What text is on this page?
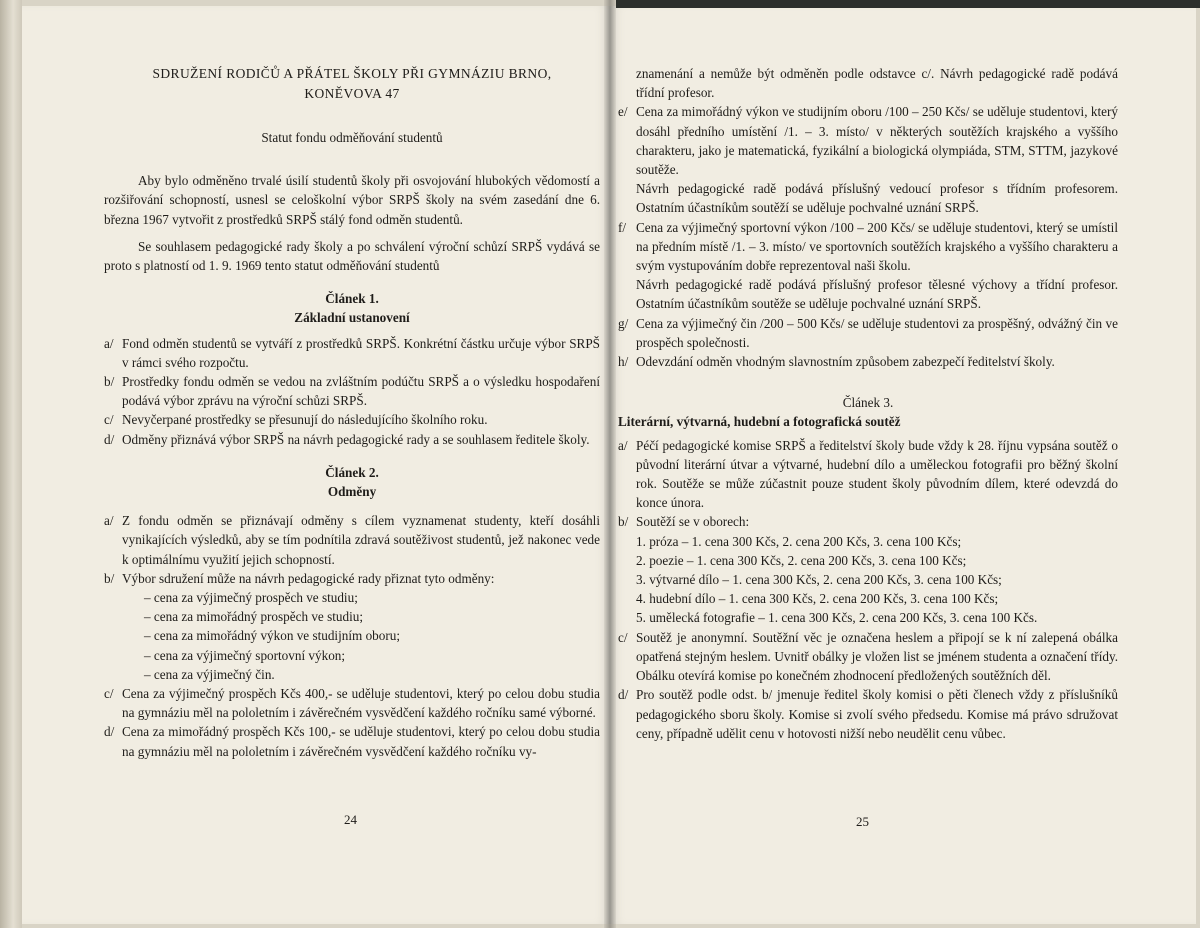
SDRUŽENÍ RODIČŮ A PŘÁTEL ŠKOLY PŘI GYMNÁZIU BRNO,

KONĚVOVA 47

Statut fondu odměňování studentů

Aby bylo odměněno trvalé úsilí studentů školy při osvojování hlubokých vědomostí a rozšiřování schopností, usnesl se celoškolní výbor SRPŠ školy na svém zasedání dne 6. března 1967 vytvořit z prostředků SRPŠ stálý fond odměn studentů.

Se souhlasem pedagogické rady školy a po schválení výroční schůzí SRPŠ vydává se proto s platností od 1. 9. 1969 tento statut odměňování studentů

Článek 1.

Základní ustanovení

a/ Fond odměn studentů se vytváří z prostředků SRPŠ. Konkrétní částku určuje výbor SRPŠ v rámci svého rozpočtu.
b/ Prostředky fondu odměn se vedou na zvláštním podúčtu SRPŠ a o výsledku hospodaření podává výbor zprávu na výroční schůzi SRPŠ.
c/ Nevyčerpané prostředky se přesunují do následujícího školního roku.
d/ Odměny přiznává výbor SRPŠ na návrh pedagogické rady a se souhlasem ředitele školy.

Článek 2.

Odměny

a/ Z fondu odměn se přiznávají odměny s cílem vyznamenat studenty, kteří dosáhli vynikajících výsledků, aby se tím podnítila zdravá soutěživost studentů, jež nakonec vede k optimálnímu využití jejich schopností.
b/ Výbor sdružení může na návrh pedagogické rady přiznat tyto odměny:
– cena za výjimečný prospěch ve studiu;
– cena za mimořádný prospěch ve studiu;
– cena za mimořádný výkon ve studijním oboru;
– cena za výjimečný sportovní výkon;
– cena za výjimečný čin.
c/ Cena za výjimečný prospěch Kčs 400,- se uděluje studentovi, který po celou dobu studia na gymnáziu měl na pololetním i závěrečném vysvědčení každého ročníku samé výborné.
d/ Cena za mimořádný prospěch Kčs 100,- se uděluje studentovi, který po celou dobu studia na gymnáziu měl na pololetním i závěrečném vysvědčení každého ročníku vy-
24
znamenání a nemůže být odměněn podle odstavce c/. Návrh pedagogické radě podává třídní profesor.
e/ Cena za mimořádný výkon ve studijním oboru /100 – 250 Kčs/ se uděluje studentovi, který dosáhl předního umístění /1. – 3. místo/ v některých soutěžích krajského a vyššího charakteru, jako je matematická, fyzikální a biologická olympiáda, STM, STTM, jazykové soutěže.
Návrh pedagogické radě podává příslušný vedoucí profesor s třídním profesorem. Ostatním účastníkům soutěží se uděluje pochvalné uznání SRPŠ.
f/ Cena za výjimečný sportovní výkon /100 – 200 Kčs/ se uděluje studentovi, který se umístil na předním místě /1. – 3. místo/ ve sportovních soutěžích krajského a vyššího charakteru a svým vystupováním dobře reprezentoval naši školu.
Návrh pedagogické radě podává příslušný profesor tělesné výchovy a třídní profesor. Ostatním účastníkům soutěže se uděluje pochvalné uznání SRPŠ.
g/ Cena za výjimečný čin /200 – 500 Kčs/ se uděluje studentovi za prospěšný, odvážný čin ve prospěch společnosti.
h/ Odevzdání odměn vhodným slavnostním způsobem zabezpečí ředitelství školy.

Článek 3.

Literární, výtvarná, hudební a fotografická soutěž

a/ Péčí pedagogické komise SRPŠ a ředitelství školy bude vždy k 28. říjnu vypsána soutěž o původní literární útvar a výtvarné, hudební dílo a uměleckou fotografii pro běžný školní rok. Soutěže se může zúčastnit pouze student školy původním dílem, které odevzdá do konce února.
b/ Soutěží se v oborech:
1. próza – 1. cena 300 Kčs, 2. cena 200 Kčs, 3. cena 100 Kčs;
2. poezie – 1. cena 300 Kčs, 2. cena 200 Kčs, 3. cena 100 Kčs;
3. výtvarné dílo – 1. cena 300 Kčs, 2. cena 200 Kčs, 3. cena 100 Kčs;
4. hudební dílo – 1. cena 300 Kčs, 2. cena 200 Kčs, 3. cena 100 Kčs;
5. umělecká fotografie – 1. cena 300 Kčs, 2. cena 200 Kčs, 3. cena 100 Kčs.
c/ Soutěž je anonymní. Soutěžní věc je označena heslem a připojí se k ní zalepená obálka opatřená stejným heslem. Uvnitř obálky je vložen list se jménem studenta a označení třídy. Obálku otevírá komise po konečném zhodnocení předložených soutěžních děl.
d/ Pro soutěž podle odst. b/ jmenuje ředitel školy komisi o pěti členech vždy z příslušníků pedagogického sboru školy. Komise si zvolí svého předsedu. Komise má právo sdružovat ceny, případně udělit cenu v hotovosti nižší nebo neudělit cenu vůbec.
25
